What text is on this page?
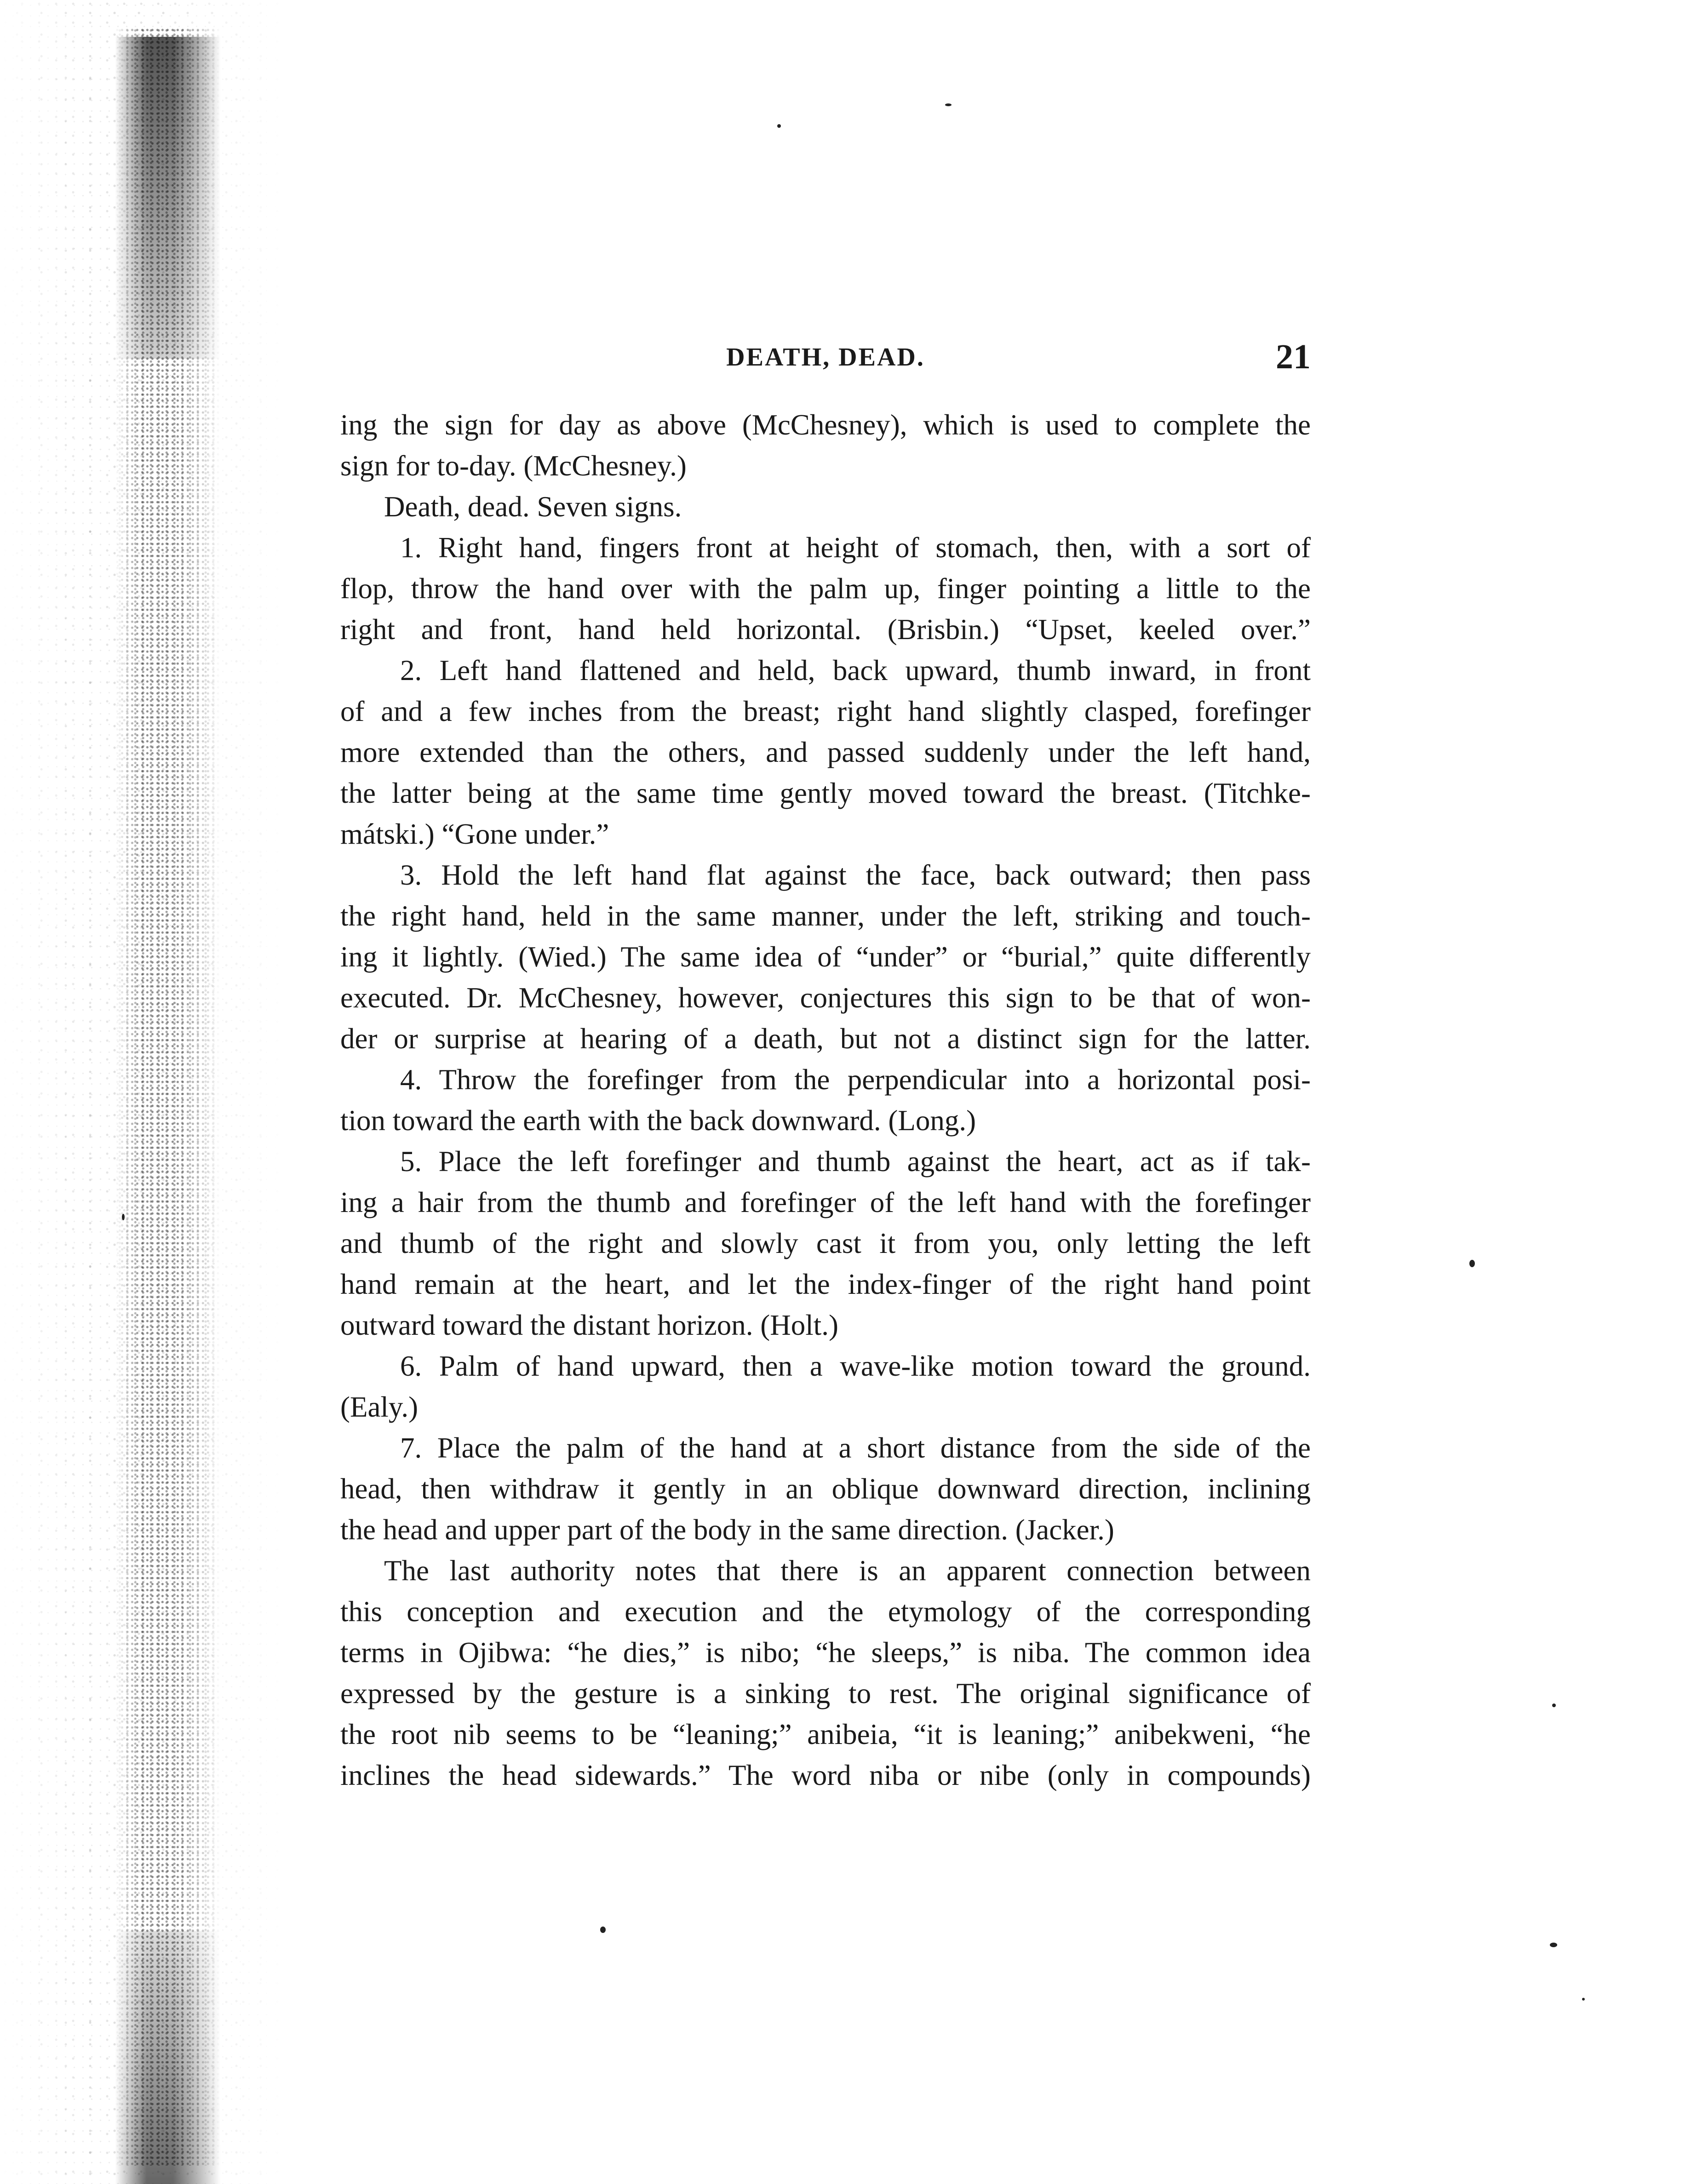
DEATH, DEAD.	21
ing the sign for day as above (McChesney), which is used to complete the
sign for to-day. (McChesney.)
Death, dead. Seven signs.
1. Right hand, fingers front at height of stomach, then, with a sort of
flop, throw the hand over with the palm up, finger pointing a little to the
right and front, hand held horizontal. (Brisbin.) “Upset, keeled over.”
2. Left hand flattened and held, back upward, thumb inward, in front
of and a few inches from the breast; right hand slightly clasped, forefinger
more extended than the others, and passed suddenly under the left hand,
the latter being at the same time gently moved toward the breast. (Titchke-
mátski.) “Gone under.”
3. Hold the left hand flat against the face, back outward; then pass
the right hand, held in the same manner, under the left, striking and touch-
ing it lightly. (Wied.) The same idea of “under” or “burial,” quite differently
executed. Dr. McChesney, however, conjectures this sign to be that of won-
der or surprise at hearing of a death, but not a distinct sign for the latter.
4. Throw the forefinger from the perpendicular into a horizontal posi-
tion toward the earth with the back downward. (Long.)
5. Place the left forefinger and thumb against the heart, act as if tak-
ing a hair from the thumb and forefinger of the left hand with the forefinger
and thumb of the right and slowly cast it from you, only letting the left
hand remain at the heart, and let the index-finger of the right hand point
outward toward the distant horizon. (Holt.)
6. Palm of hand upward, then a wave-like motion toward the ground.
(Ealy.)
7. Place the palm of the hand at a short distance from the side of the
head, then withdraw it gently in an oblique downward direction, inclining
the head and upper part of the body in the same direction. (Jacker.)
The last authority notes that there is an apparent connection between
this conception and execution and the etymology of the corresponding
terms in Ojibwa: “he dies,” is nibo; “he sleeps,” is niba. The common idea
expressed by the gesture is a sinking to rest. The original significance of
the root nib seems to be “leaning;” anibeia, “it is leaning;” anibekweni, “he
inclines the head sidewards.” The word niba or nibe (only in compounds)
